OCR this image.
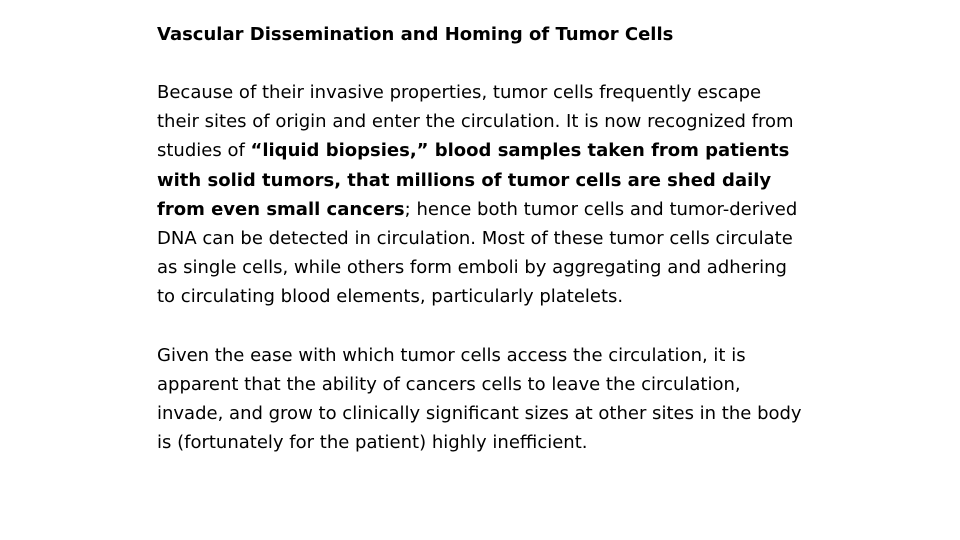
Vascular Dissemination and Homing of Tumor Cells

Because of their invasive properties, tumor cells frequently escape their sites of origin and enter the circulation. It is now recognized from studies of “liquid biopsies,” blood samples taken from patients with solid tumors, that millions of tumor cells are shed daily from even small cancers; hence both tumor cells and tumor-derived DNA can be detected in circulation. Most of these tumor cells circulate as single cells, while others form emboli by aggregating and adhering to circulating blood elements, particularly platelets.

Given the ease with which tumor cells access the circulation, it is apparent that the ability of cancers cells to leave the circulation, invade, and grow to clinically significant sizes at other sites in the body is (fortunately for the patient) highly inefficient.
